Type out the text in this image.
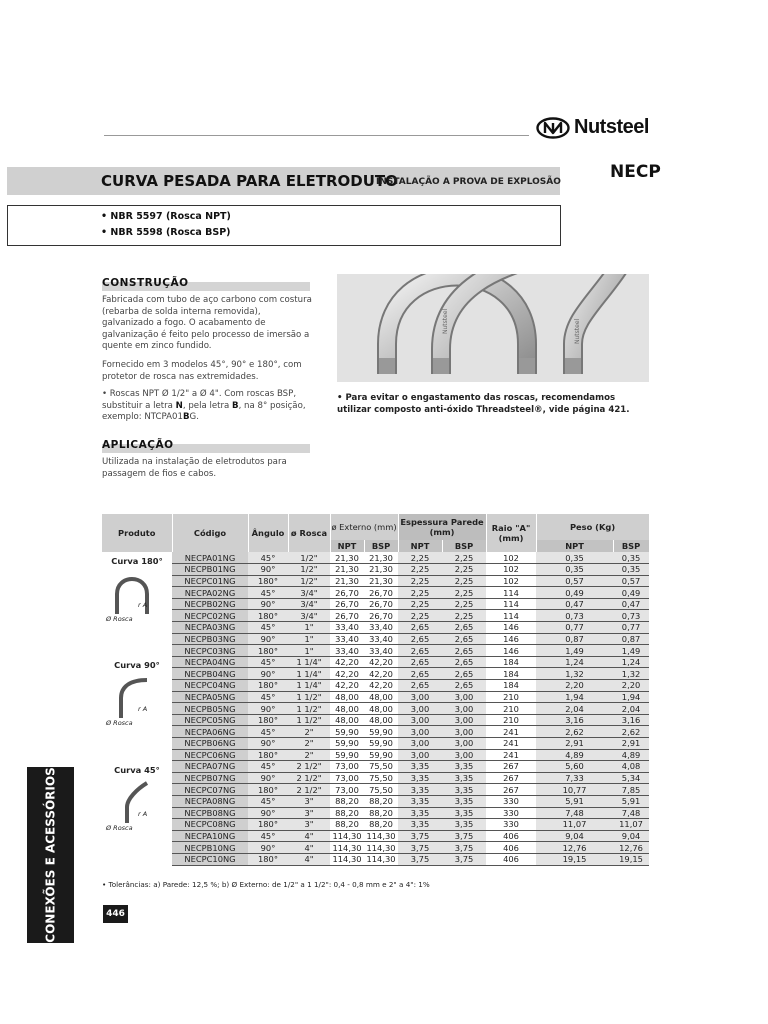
Nutsteel
NECP
CURVA PESADA PARA ELETRODUTO
INSTALAÇÃO A PROVA DE EXPLOSÃO
• NBR 5597 (Rosca NPT)
• NBR 5598 (Rosca BSP)
CONSTRUÇÃO
Fabricada com tubo de aço carbono com costura (rebarba de solda interna removida), galvanizado a fogo. O acabamento de galvanização é feito pelo processo de imersão a quente em zinco fundido.
Fornecido em 3 modelos 45°, 90° e 180°, com protetor de rosca nas extremidades.
• Roscas NPT Ø 1/2" a Ø 4". Com roscas BSP, substituir a letra N, pela letra B, na 8° posição, exemplo: NTCPA01BG.
APLICAÇÃO
Utilizada na instalação de eletrodutos para passagem de fios e cabos.
Nutsteel	Nutsteel
• Para evitar o engastamento das roscas, recomendamos utilizar composto anti-óxido Threadsteel®, vide página 421.
Produto	Código	Ângulo	ø Rosca	ø Externo (mm)		Espessura Parede (mm)		Raio "A" (mm)	Peso (Kg)	
				NPT	BSP	NPT	BSP		NPT	BSP

Curva 180°
r A
Ø Rosca	NECPA01NG	45°	1/2"	21,30	21,30	2,25	2,25	102	0,35	0,35
	NECPB01NG	90°	1/2"	21,30	21,30	2,25	2,25	102	0,35	0,35
	NECPC01NG	180°	1/2"	21,30	21,30	2,25	2,25	102	0,57	0,57
	NECPA02NG	45°	3/4"	26,70	26,70	2,25	2,25	114	0,49	0,49
	NECPB02NG	90°	3/4"	26,70	26,70	2,25	2,25	114	0,47	0,47
	NECPC02NG	180°	3/4"	26,70	26,70	2,25	2,25	114	0,73	0,73
	NECPA03NG	45°	1"	33,40	33,40	2,65	2,65	146	0,77	0,77
	NECPB03NG	90°	1"	33,40	33,40	2,65	2,65	146	0,87	0,87
	NECPC03NG	180°	1"	33,40	33,40	2,65	2,65	146	1,49	1,49

Curva 90°
r A
Ø Rosca	NECPA04NG	45°	1 1/4"	42,20	42,20	2,65	2,65	184	1,24	1,24
	NECPB04NG	90°	1 1/4"	42,20	42,20	2,65	2,65	184	1,32	1,32
	NECPC04NG	180°	1 1/4"	42,20	42,20	2,65	2,65	184	2,20	2,20
	NECPA05NG	45°	1 1/2"	48,00	48,00	3,00	3,00	210	1,94	1,94
	NECPB05NG	90°	1 1/2"	48,00	48,00	3,00	3,00	210	2,04	2,04
	NECPC05NG	180°	1 1/2"	48,00	48,00	3,00	3,00	210	3,16	3,16
	NECPA06NG	45°	2"	59,90	59,90	3,00	3,00	241	2,62	2,62
	NECPB06NG	90°	2"	59,90	59,90	3,00	3,00	241	2,91	2,91
	NECPC06NG	180°	2"	59,90	59,90	3,00	3,00	241	4,89	4,89

Curva 45°
r A
Ø Rosca	NECPA07NG	45°	2 1/2"	73,00	75,50	3,35	3,35	267	5,60	4,08
	NECPB07NG	90°	2 1/2"	73,00	75,50	3,35	3,35	267	7,33	5,34
	NECPC07NG	180°	2 1/2"	73,00	75,50	3,35	3,35	267	10,77	7,85
	NECPA08NG	45°	3"	88,20	88,20	3,35	3,35	330	5,91	5,91
	NECPB08NG	90°	3"	88,20	88,20	3,35	3,35	330	7,48	7,48
	NECPC08NG	180°	3"	88,20	88,20	3,35	3,35	330	11,07	11,07
	NECPA10NG	45°	4"	114,30	114,30	3,75	3,75	406	9,04	9,04
	NECPB10NG	90°	4"	114,30	114,30	3,75	3,75	406	12,76	12,76
	NECPC10NG	180°	4"	114,30	114,30	3,75	3,75	406	19,15	19,15
• Tolerâncias: a) Parede: 12,5 %; b) Ø Externo: de 1/2" a 1 1/2": 0,4 - 0,8 mm e 2" a 4": 1%
CONEXÕES E ACESSÓRIOS	446
